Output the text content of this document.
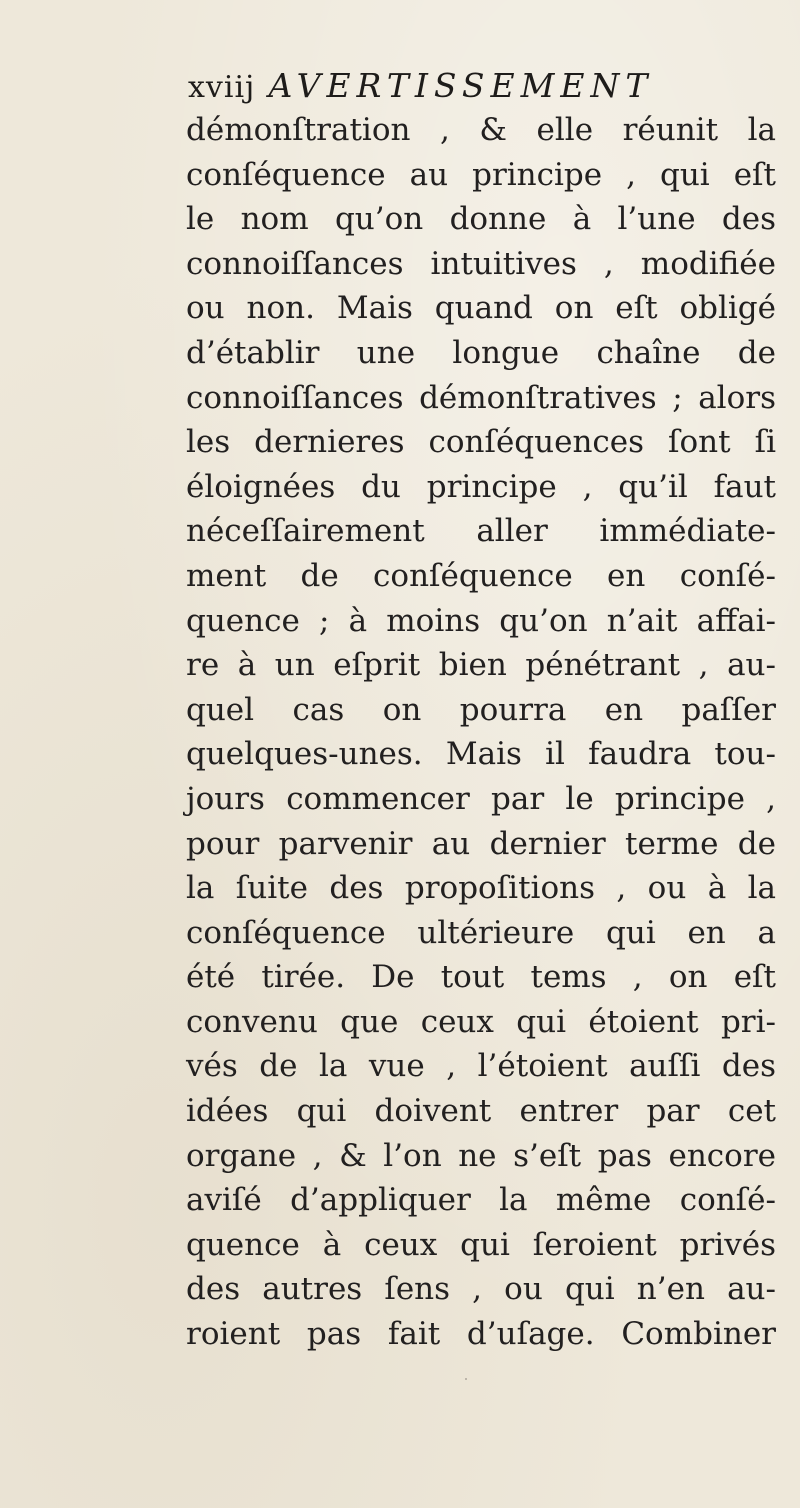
xviij AVERTISSEMENT
démonſtration , & elle réunit la
conſéquence au principe , qui eſt
le nom qu’on donne à l’une des
connoiſſances intuitives , modifiée
ou non. Mais quand on eſt obligé
d’établir une longue chaîne de
connoiſſances démonſtratives ; alors
les dernieres conſéquences ſont ſi
éloignées du principe , qu’il faut
néceſſairement aller immédiate-
ment de conſéquence en conſé-
quence ; à moins qu’on n’ait affai-
re à un eſprit bien pénétrant , au-
quel cas on pourra en paſſer
quelques-unes. Mais il faudra tou-
jours commencer par le principe ,
pour parvenir au dernier terme de
la ſuite des propoſitions , ou à la
conſéquence ultérieure qui en a
été tirée. De tout tems , on eſt
convenu que ceux qui étoient pri-
vés de la vue , l’étoient auſſi des
idées qui doivent entrer par cet
organe , & l’on ne s’eſt pas encore
aviſé d’appliquer la même conſé-
quence à ceux qui ſeroient privés
des autres ſens , ou qui n’en au-
roient pas fait d’uſage. Combiner
